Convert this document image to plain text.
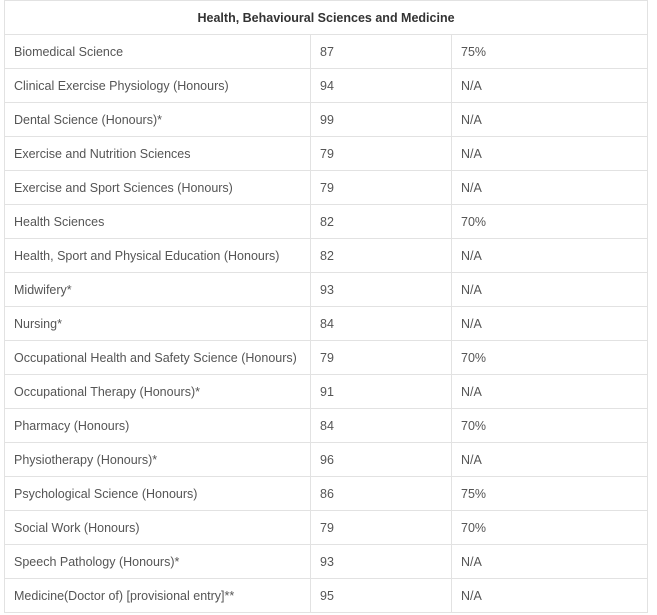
Health, Behavioural Sciences and Medicine		
Biomedical Science	87	75%
Clinical Exercise Physiology (Honours)	94	N/A
Dental Science (Honours)*	99	N/A
Exercise and Nutrition Sciences	79	N/A
Exercise and Sport Sciences (Honours)	79	N/A
Health Sciences	82	70%
Health, Sport and Physical Education (Honours)	82	N/A
Midwifery*	93	N/A
Nursing*	84	N/A
Occupational Health and Safety Science (Honours)	79	70%
Occupational Therapy (Honours)*	91	N/A
Pharmacy (Honours)	84	70%
Physiotherapy (Honours)*	96	N/A
Psychological Science (Honours)	86	75%
Social Work (Honours)	79	70%
Speech Pathology (Honours)*	93	N/A
Medicine(Doctor of) [provisional entry]**	95	N/A
